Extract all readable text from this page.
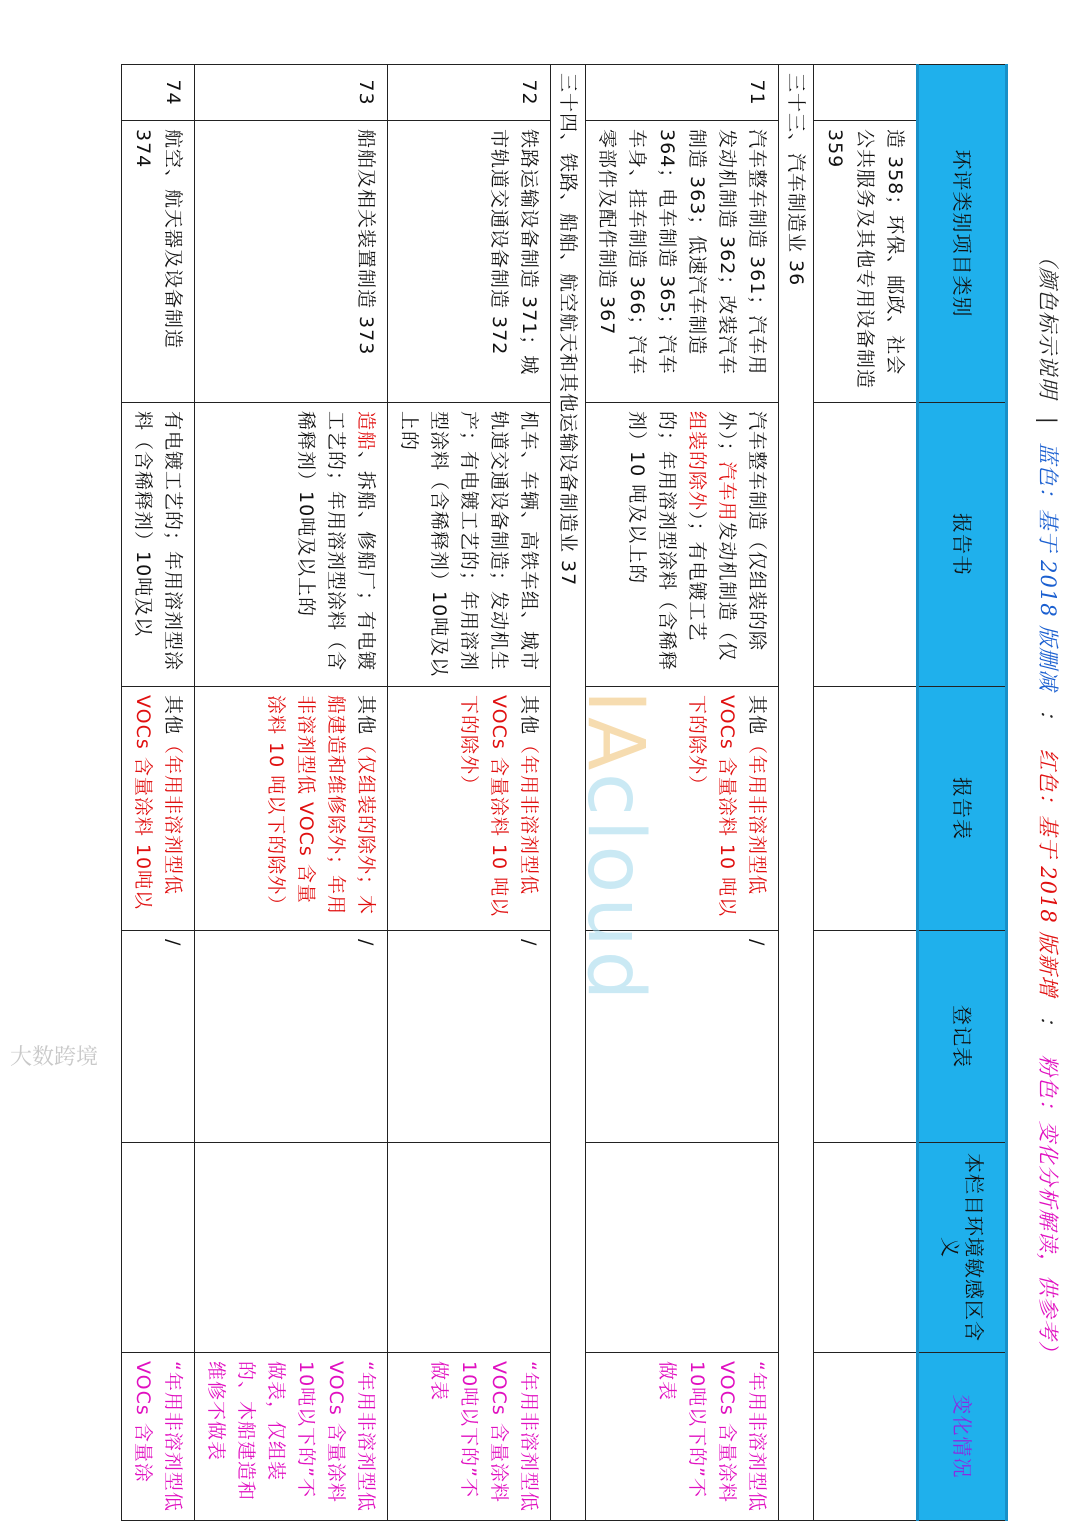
（颜色标示说明 | 蓝色：基于 2018 版删减 ： 红色：基于 2018 版新增 ： 粉色：变化分析解读，供参考）
环评类别项目类别		报告书	报告表	登记表	本栏目环境敏感区含义	变化情况
	造 358；环保、邮政、社会公共服务及其他专用设备制造 359					
三十三、汽车制造业 36						
71	汽车整车制造 361；汽车用发动机制造 362；改装汽车制造 363；低速汽车制造 364；电车制造 365；汽车车身、挂车制造 366；汽车零部件及配件制造 367	汽车整车制造（仅组装的除外）；汽车用发动机制造（仅组装的除外）；有电镀工艺的；年用溶剂型涂料（含稀释剂）10 吨及以上的	其他（年用非溶剂型低 VOCs 含量涂料 10 吨以下的除外）	/		“年用非溶剂型低 VOCs 含量涂料 10吨以下的”不做表
三十四、铁路、船舶、航空航天和其他运输设备制造业 37						
72	铁路运输设备制造 371；城市轨道交通设备制造 372	机车、车辆、高铁车组、城市轨道交通设备制造；发动机生产；有电镀工艺的；年用溶剂型涂料（含稀释剂）10吨及以上的	其他（年用非溶剂型低 VOCs 含量涂料 10 吨以下的除外）	/		“年用非溶剂型低 VOCs 含量涂料 10吨以下的”不做表
73	船舶及相关装置制造 373	造船、拆船、修船厂；有电镀工艺的；年用溶剂型涂料（含稀释剂）10吨及以上的	其他（仅组装的除外；木船建造和维修除外；年用非溶剂型低 VOCs 含量涂料 10 吨以下的除外）	/		“年用非溶剂型低 VOCs 含量涂料 10吨以下的”不做表，仅组装的、木船建造和维修不做表
74	航空、航天器及设备制造 374	有电镀工艺的；年用溶剂型涂料（含稀释剂）10吨及以	其他（年用非溶剂型低 VOCs 含量涂料 10吨以	/		“年用非溶剂型低 VOCs 含量涂
IAcloud
大数跨境
